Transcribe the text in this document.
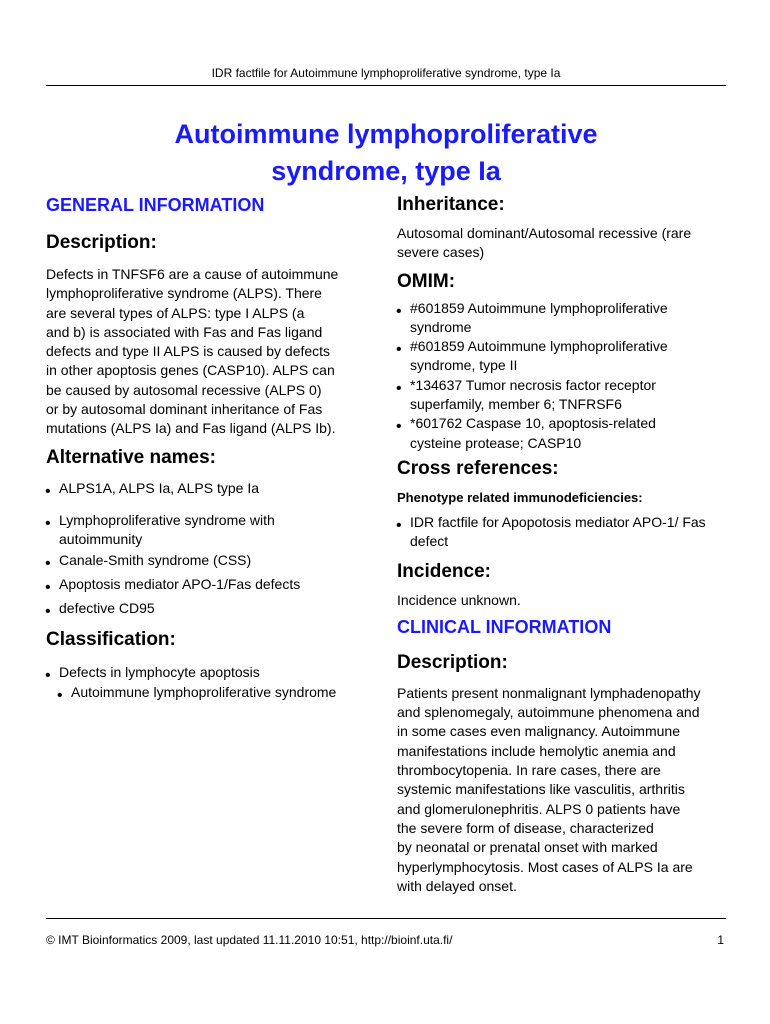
IDR factfile for Autoimmune lymphoproliferative syndrome, type Ia
Autoimmune lymphoproliferative
syndrome, type Ia
GENERAL INFORMATION
Description:
Defects in TNFSF6 are a cause of autoimmune
lymphoproliferative syndrome (ALPS). There
are several types of ALPS: type I ALPS (a
and b) is associated with Fas and Fas ligand
defects and type II ALPS is caused by defects
in other apoptosis genes (CASP10). ALPS can
be caused by autosomal recessive (ALPS 0)
or by autosomal dominant inheritance of Fas
mutations (ALPS Ia) and Fas ligand (ALPS Ib).
Alternative names:
• ALPS1A, ALPS Ia, ALPS type Ia
• Lymphoproliferative syndrome with autoimmunity
• Canale-Smith syndrome (CSS)
• Apoptosis mediator APO-1/Fas defects
• defective CD95
Classification:
• Defects in lymphocyte apoptosis
• Autoimmune lymphoproliferative syndrome
Inheritance:

Autosomal dominant/Autosomal recessive (rare severe cases)

OMIM:
• #601859 Autoimmune lymphoproliferative syndrome
• #601859 Autoimmune lymphoproliferative syndrome, type II
• *134637 Tumor necrosis factor receptor superfamily, member 6; TNFRSF6
• *601762 Caspase 10, apoptosis-related cysteine protease; CASP10
Cross references:
Phenotype related immunodeficiencies:
• IDR factfile for Apopotosis mediator APO-1/ Fas defect
Incidence:

Incidence unknown.

CLINICAL INFORMATION
Description:
Patients present nonmalignant lymphadenopathy
and splenomegaly, autoimmune phenomena and
in some cases even malignancy. Autoimmune
manifestations include hemolytic anemia and
thrombocytopenia. In rare cases, there are
systemic manifestations like vasculitis, arthritis
and glomerulonephritis. ALPS 0 patients have
the severe form of disease, characterized
by neonatal or prenatal onset with marked
hyperlymphocytosis. Most cases of ALPS Ia are
with delayed onset.
© IMT Bioinformatics 2009, last updated 11.11.2010 10:51, http://bioinf.uta.fi/	1
